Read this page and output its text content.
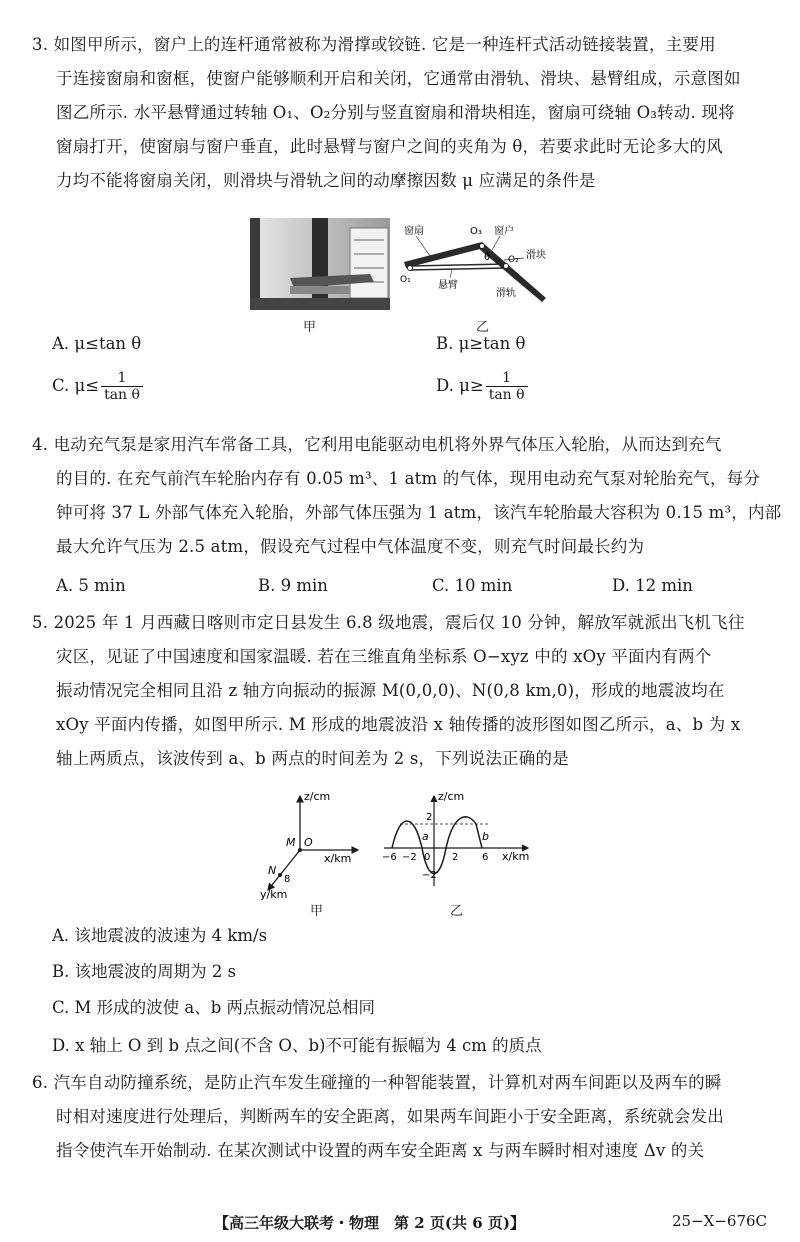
3. 如图甲所示，窗户上的连杆通常被称为滑撑或铰链. 它是一种连杆式活动链接装置，主要用
于连接窗扇和窗框，使窗户能够顺利开启和关闭，它通常由滑轨、滑块、悬臂组成，示意图如
图乙所示. 水平悬臂通过转轴 O₁、O₂分别与竖直窗扇和滑块相连，窗扇可绕轴 O₃转动. 现将
窗扇打开，使窗扇与窗户垂直，此时悬臂与窗户之间的夹角为 θ，若要求此时无论多大的风
力均不能将窗扇关闭，则滑块与滑轨之间的动摩擦因数 μ 应满足的条件是
甲
窗扇	O₃ 窗户
θ O₂ 滑块
O₁	悬臂
滑轨
乙
A. μ≤tan θ	B. μ≥tan θ
C. $\mu\le \frac{1}{\text{tan θ}}$	D. $\mu\ge \frac{1}{\text{tan θ}}$
4. 电动充气泵是家用汽车常备工具，它利用电能驱动电机将外界气体压入轮胎，从而达到充气
的目的. 在充气前汽车轮胎内存有 0.05 m³、1 atm 的气体，现用电动充气泵对轮胎充气，每分
钟可将 37 L 外部气体充入轮胎，外部气体压强为 1 atm，该汽车轮胎最大容积为 0.15 m³，内部
最大允许气压为 2.5 atm，假设充气过程中气体温度不变，则充气时间最长约为
A. 5 min	B. 9 min	C. 10 min	D. 12 min
5. 2025 年 1 月西藏日喀则市定日县发生 6.8 级地震，震后仅 10 分钟，解放军就派出飞机飞往
灾区，见证了中国速度和国家温暖. 若在三维直角坐标系 O−xyz 中的 xOy 平面内有两个
振动情况完全相同且沿 z 轴方向振动的振源 M(0,0,0)、N(0,8 km,0)，形成的地震波均在
xOy 平面内传播，如图甲所示. M 形成的地震波沿 x 轴传播的波形图如图乙所示，a、b 为 x
轴上两质点，该波传到 a、b 两点的时间差为 2 s，下列说法正确的是
z/cm
x/km
y/km
M O
N
8
甲
z/cm
x/km
−6 −2 0 2 6
2
−2
a	b
乙
A. 该地震波的波速为 4 km/s
B. 该地震波的周期为 2 s
C. M 形成的波使 a、b 两点振动情况总相同
D. x 轴上 O 到 b 点之间(不含 O、b)不可能有振幅为 4 cm 的质点
6. 汽车自动防撞系统，是防止汽车发生碰撞的一种智能装置，计算机对两车间距以及两车的瞬
时相对速度进行处理后，判断两车的安全距离，如果两车间距小于安全距离，系统就会发出
指令使汽车开始制动. 在某次测试中设置的两车安全距离 x 与两车瞬时相对速度 Δv 的关
【高三年级大联考・物理　第 2 页(共 6 页)】	25−X−676C
